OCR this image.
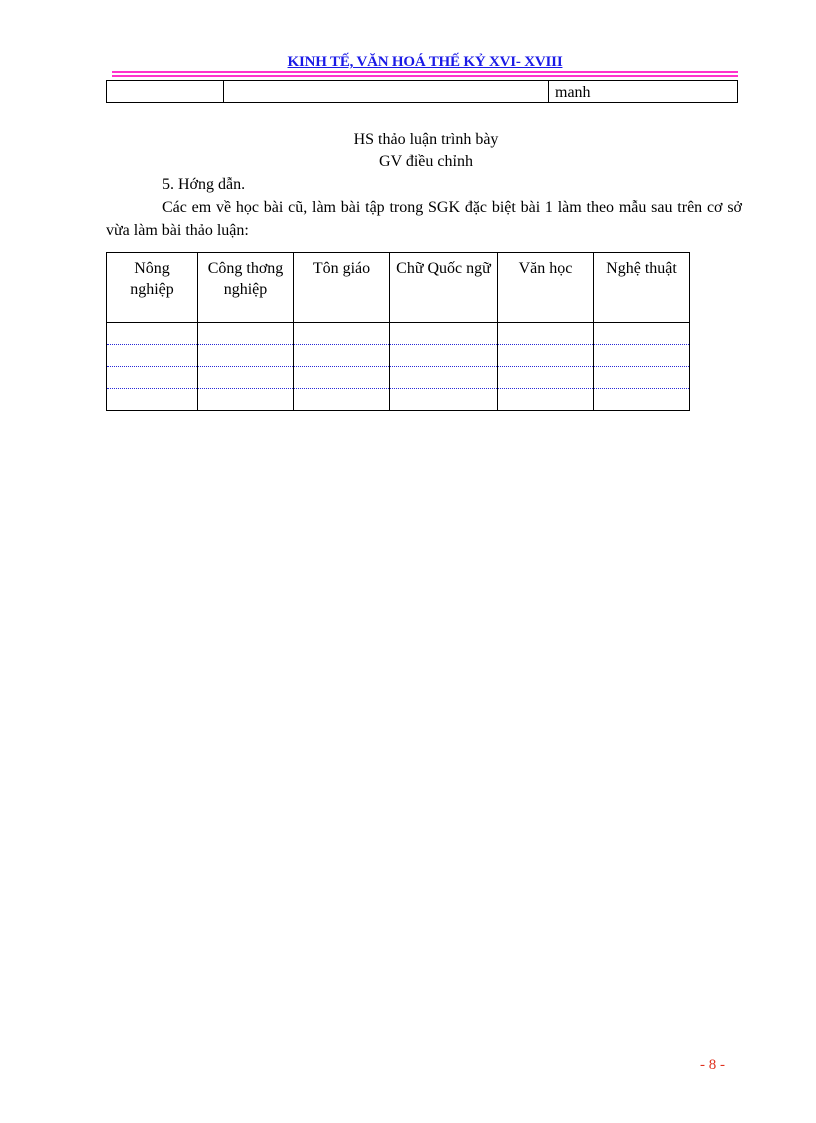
KINH TẾ, VĂN HOÁ THẾ KỶ XVI- XVIII
		manh
HS thảo luận trình bày
GV điều chỉnh
5. Hớng dẫn.
Các em về học bài cũ, làm bài tập trong SGK đặc biệt bài 1 làm theo mẫu sau trên cơ sở vừa làm bài thảo luận:
Nông nghiệp	Công thơng nghiệp	Tôn giáo	Chữ Quốc ngữ	Văn học	Nghệ thuật

- 8 -
